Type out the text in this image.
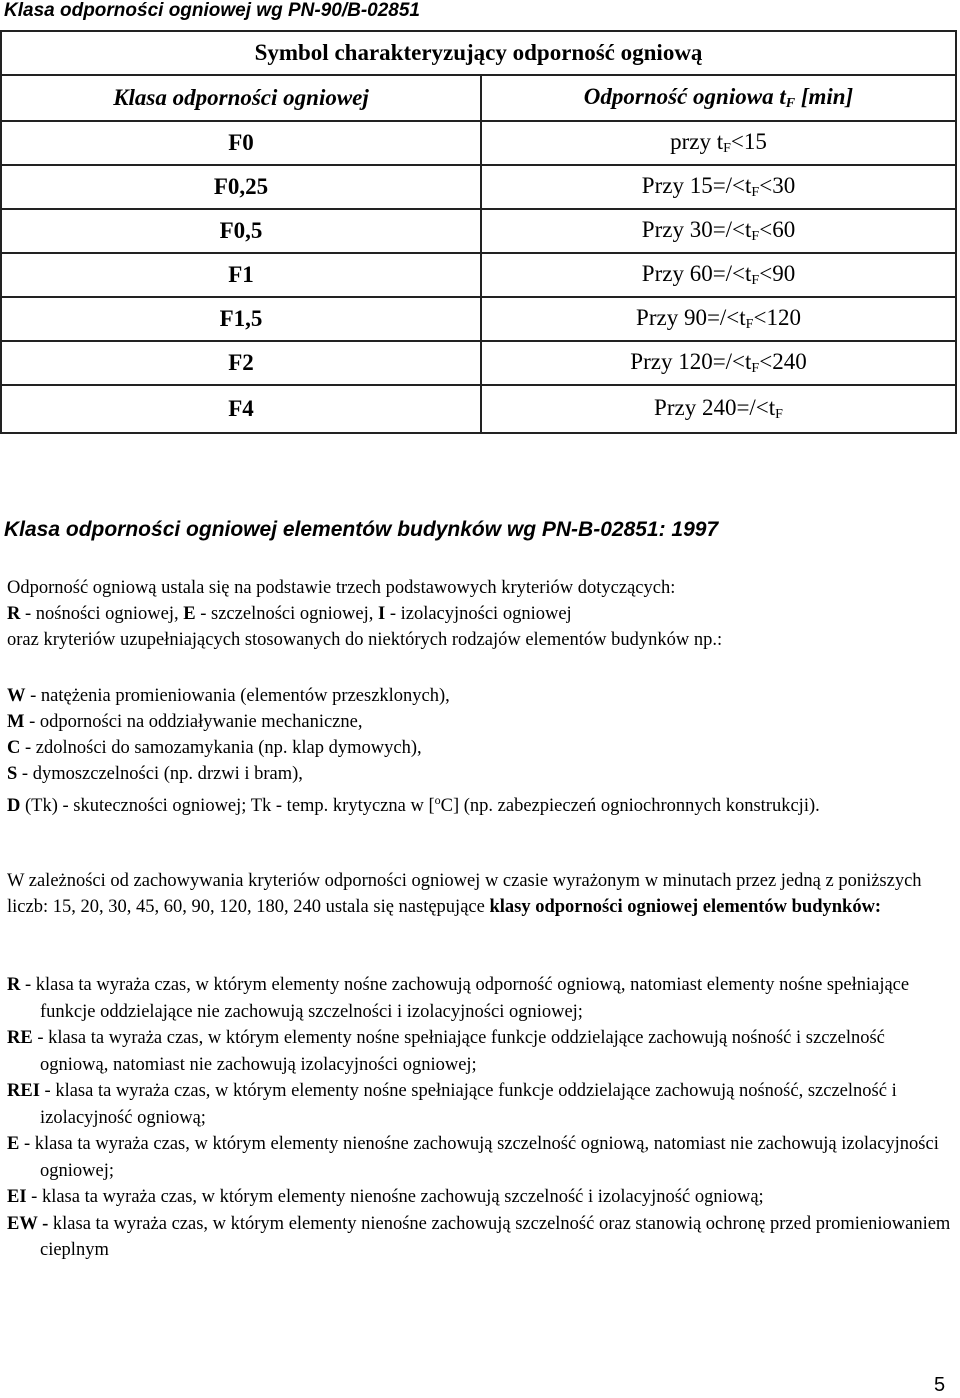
Klasa odporności ogniowej wg PN-90/B-02851
Symbol charakteryzujący odporność ogniową	
Klasa odporności ogniowej	Odporność ogniowa $t_F$ [min]
F0	przy $t_F<15$
F0,25	Przy $15=/<t_F<30$
F0,5	Przy $30=/<t_F<60$
F1	Przy $60=/<t_F<90$
F1,5	Przy $90=/<t_F<120$
F2	Przy $120=/<t_F<240$
F4	Przy $240=/<t_F$
Klasa odporności ogniowej elementów budynków wg PN-B-02851: 1997

Odporność ogniową ustala się na podstawie trzech podstawowych kryteriów dotyczących:

R - nośności ogniowej, E - szczelności ogniowej, I - izolacyjności ogniowej

oraz kryteriów uzupełniających stosowanych do niektórych rodzajów elementów budynków np.:

W - natężenia promieniowania (elementów przeszklonych),

M - odporności na oddziaływanie mechaniczne,

C - zdolności do samozamykania (np. klap dymowych),

S - dymoszczelności (np. drzwi i bram),

D (Tk) - skuteczności ogniowej; Tk - temp. krytyczna w [$^o$C] (np. zabezpieczeń ogniochronnych konstrukcji).

W zależności od zachowywania kryteriów odporności ogniowej w czasie wyrażonym w minutach przez jedną z poniższych liczb: 15, 20, 30, 45, 60, 90, 120, 180, 240 ustala się następujące klasy odporności ogniowej elementów budynków:

R - klasa ta wyraża czas, w którym elementy nośne zachowują odporność ogniową, natomiast elementy nośne spełniające funkcje oddzielające nie zachowują szczelności i izolacyjności ogniowej;

RE - klasa ta wyraża czas, w którym elementy nośne spełniające funkcje oddzielające zachowują nośność i szczelność ogniową, natomiast nie zachowują izolacyjności ogniowej;

REI - klasa ta wyraża czas, w którym elementy nośne spełniające funkcje oddzielające zachowują nośność, szczelność i izolacyjność ogniową;

E - klasa ta wyraża czas, w którym elementy nienośne zachowują szczelność ogniową, natomiast nie zachowują izolacyjności ogniowej;

EI - klasa ta wyraża czas, w którym elementy nienośne zachowują szczelność i izolacyjność ogniową;

EW - klasa ta wyraża czas, w którym elementy nienośne zachowują szczelność oraz stanowią ochronę przed promieniowaniem cieplnym

5
